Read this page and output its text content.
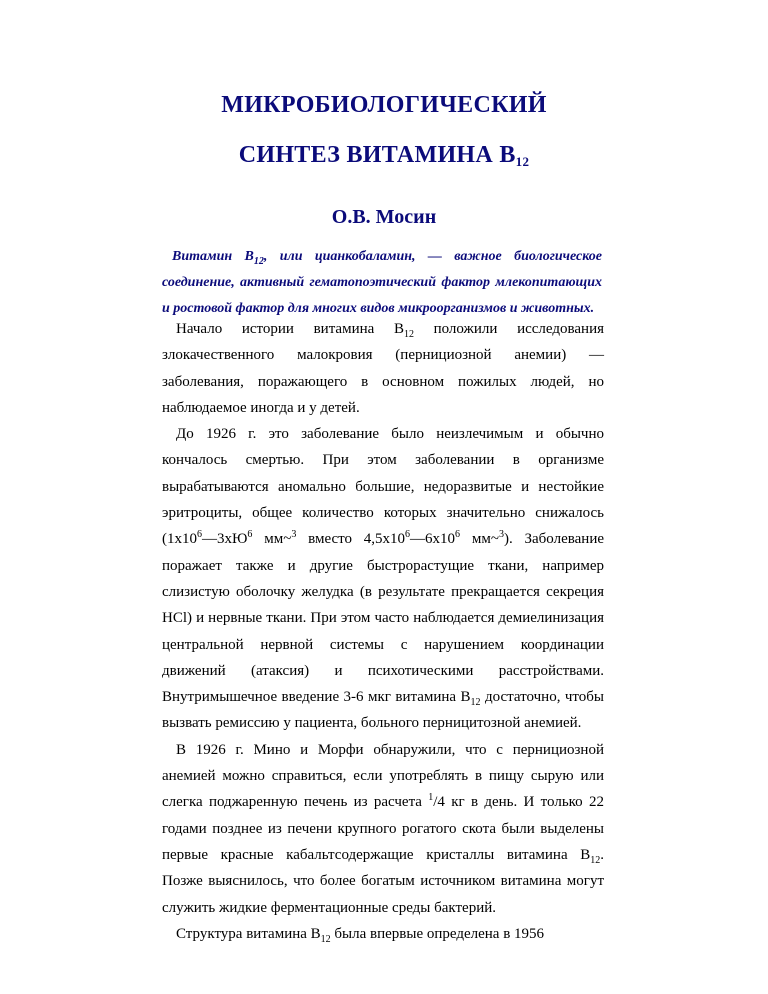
МИКРОБИОЛОГИЧЕСКИЙ
СИНТЕЗ ВИТАМИНА $В_{12}$
О.В. Мосин

Витамин $В_{12}$, или цианкобаламин, — важное биологическое соединение, активный гематопоэтический фактор млекопитающих и ростовой фактор для многих видов микроорганизмов и животных.

Начало истории витамина $В_{12}$ положили исследования злокачественного малокровия (пернициозной анемии) — заболевания, поражающего в основном пожилых людей, но наблюдаемое иногда и у детей.

До 1926 г. это заболевание было неизлечимым и обычно кончалось смертью. При этом заболевании в организме вырабатываются аномально большие, недоразвитые и нестойкие эритроциты, общее количество которых значительно снижалось ($1х10^6—3хЮ^6$ мм~$^3$ вместо $4,5х10^6—6х10^6$ мм~$^3$). Заболевание поражает также и другие быстрорастущие ткани, например слизистую оболочку желудка (в результате прекращается секреция НСl) и нервные ткани. При этом часто наблюдается демиелинизация центральной нервной системы с нарушением координации движений (атаксия) и психотическими расстройствами. Внутримышечное введение 3-6 мкг витамина $В_{12}$ достаточно, чтобы вызвать ремиссию у пациента, больного перницитозной анемией.

В 1926 г. Мино и Морфи обнаружили, что с пернициозной анемией можно справиться, если употреблять в пищу сырую или слегка поджаренную печень из расчета $^1$/4 кг в день. И только 22 годами позднее из печени крупного рогатого скота были выделены первые красные кабальтсодержащие кристаллы витамина $В_{12}$. Позже выяснилось, что более богатым источником витамина могут служить жидкие ферментационные среды бактерий.

Структура витамина $В_{12}$ была впервые определена в 1956
